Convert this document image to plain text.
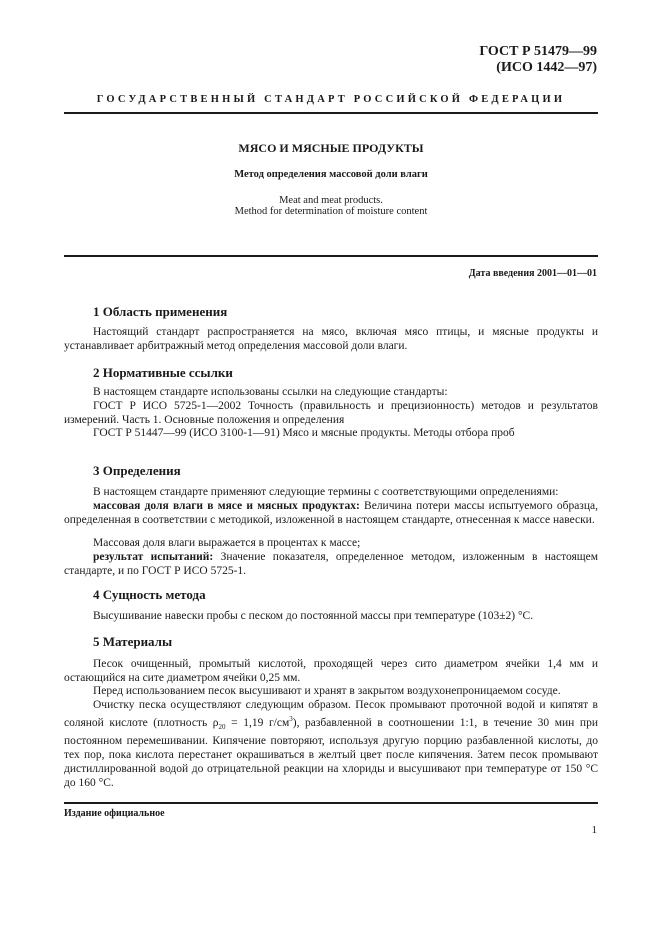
ГОСТ Р 51479—99
(ИСО 1442—97)
ГОСУДАРСТВЕННЫЙ СТАНДАРТ РОССИЙСКОЙ ФЕДЕРАЦИИ
МЯСО И МЯСНЫЕ ПРОДУКТЫ
Метод определения массовой доли влаги
Meat and meat products.
Method for determination of moisture content
Дата введения 2001—01—01
1 Область применения
Настоящий стандарт распространяется на мясо, включая мясо птицы, и мясные продукты и устанавливает арбитражный метод определения массовой доли влаги.
2 Нормативные ссылки
В настоящем стандарте использованы ссылки на следующие стандарты:
ГОСТ Р ИСО 5725-1—2002 Точность (правильность и прецизионность) методов и результатов измерений. Часть 1. Основные положения и определения
ГОСТ Р 51447—99 (ИСО 3100-1—91) Мясо и мясные продукты. Методы отбора проб
3 Определения
В настоящем стандарте применяют следующие термины с соответствующими определениями:
массовая доля влаги в мясе и мясных продуктах: Величина потери массы испытуемого образца, определенная в соответствии с методикой, изложенной в настоящем стандарте, отнесенная к массе навески.
Массовая доля влаги выражается в процентах к массе;
результат испытаний: Значение показателя, определенное методом, изложенным в настоящем стандарте, и по ГОСТ Р ИСО 5725-1.
4 Сущность метода
Высушивание навески пробы с песком до постоянной массы при температуре (103±2) °С.
5 Материалы
Песок очищенный, промытый кислотой, проходящей через сито диаметром ячейки 1,4 мм и остающийся на сите диаметром ячейки 0,25 мм.
Перед использованием песок высушивают и хранят в закрытом воздухонепроницаемом сосуде.
Очистку песка осуществляют следующим образом. Песок промывают проточной водой и кипятят в соляной кислоте (плотность $\rho_{20} = 1,19$ $г/см^3$), разбавленной в соотношении 1:1, в течение 30 мин при постоянном перемешивании. Кипячение повторяют, используя другую порцию разбавленной кислоты, до тех пор, пока кислота перестанет окрашиваться в желтый цвет после кипячения. Затем песок промывают дистиллированной водой до отрицательной реакции на хлориды и высушивают при температуре от 150 °С до 160 °С.
Издание официальное
1
